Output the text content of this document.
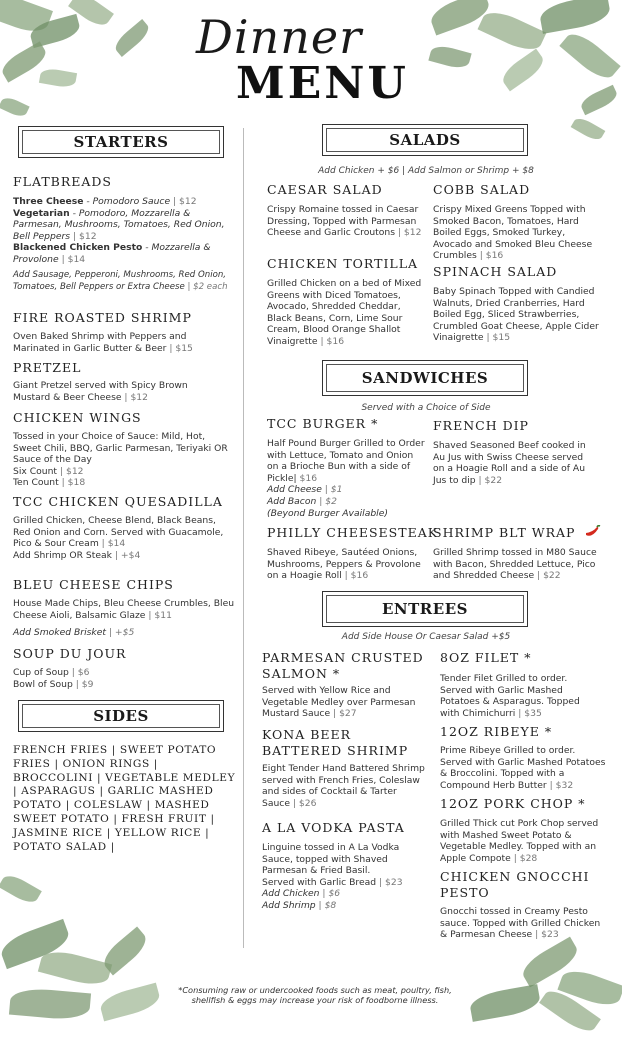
Dinner
MENU
STARTERS
FLATBREADS
Three Cheese - Pomodoro Sauce | $12
Vegetarian - Pomodoro, Mozzarella & Parmesan, Mushrooms, Tomatoes, Red Onion, Bell Peppers | $12
Blackened Chicken Pesto - Mozzarella & Provolone | $14
Add Sausage, Pepperoni, Mushrooms, Red Onion, Tomatoes, Bell Peppers or Extra Cheese | $2 each
FIRE ROASTED SHRIMP
Oven Baked Shrimp with Peppers and Marinated in Garlic Butter & Beer | $15
PRETZEL
Giant Pretzel served with Spicy Brown Mustard & Beer Cheese | $12
CHICKEN WINGS
Tossed in your Choice of Sauce: Mild, Hot, Sweet Chili, BBQ, Garlic Parmesan, Teriyaki OR Sauce of the Day
Six Count | $12
Ten Count | $18
TCC CHICKEN QUESADILLA
Grilled Chicken, Cheese Blend, Black Beans, Red Onion and Corn. Served with Guacamole, Pico & Sour Cream | $14
Add Shrimp OR Steak | +$4
BLEU CHEESE CHIPS
House Made Chips, Bleu Cheese Crumbles, Bleu Cheese Aioli, Balsamic Glaze | $11
Add Smoked Brisket | +$5
SOUP DU JOUR
Cup of Soup | $6
Bowl of Soup | $9
SIDES
FRENCH FRIES | SWEET POTATO FRIES | ONION RINGS | BROCCOLINI | VEGETABLE MEDLEY | ASPARAGUS | GARLIC MASHED POTATO | COLESLAW | MASHED SWEET POTATO | FRESH FRUIT | JASMINE RICE | YELLOW RICE | POTATO SALAD |
SALADS
Add Chicken + $6 | Add Salmon or Shrimp + $8
CAESAR SALAD
Crispy Romaine tossed in Caesar Dressing, Topped with Parmesan Cheese and Garlic Croutons | $12
CHICKEN TORTILLA
Grilled Chicken on a bed of Mixed Greens with Diced Tomatoes, Avocado, Shredded Cheddar, Black Beans, Corn, Lime Sour Cream, Blood Orange Shallot Vinaigrette | $16
COBB SALAD
Crispy Mixed Greens Topped with Smoked Bacon, Tomatoes, Hard Boiled Eggs, Smoked Turkey, Avocado and Smoked Bleu Cheese Crumbles | $16
SPINACH SALAD
Baby Spinach Topped with Candied Walnuts, Dried Cranberries, Hard Boiled Egg, Sliced Strawberries, Crumbled Goat Cheese, Apple Cider Vinaigrette | $15
SANDWICHES
Served with a Choice of Side
TCC BURGER *
Half Pound Burger Grilled to Order with Lettuce, Tomato and Onion on a Brioche Bun with a side of Pickle| $16
Add Cheese | $1
Add Bacon | $2
(Beyond Burger Available)
FRENCH DIP
Shaved Seasoned Beef cooked in Au Jus with Swiss Cheese served on a Hoagie Roll and a side of Au Jus to dip | $22
PHILLY CHEESESTEAK
Shaved Ribeye, Sautéed Onions, Mushrooms, Peppers & Provolone on a Hoagie Roll | $16
SHRIMP BLT WRAP
Grilled Shrimp tossed in M80 Sauce with Bacon, Shredded Lettuce, Pico and Shredded Cheese | $22
ENTREES
Add Side House Or Caesar Salad +$5
PARMESAN CRUSTED SALMON *
Served with Yellow Rice and Vegetable Medley over Parmesan Mustard Sauce | $27
KONA BEER BATTERED SHRIMP
Eight Tender Hand Battered Shrimp served with French Fries, Coleslaw and sides of Cocktail & Tarter Sauce | $26
A LA VODKA PASTA
Linguine tossed in A La Vodka Sauce, topped with Shaved Parmesan & Fried Basil.
Served with Garlic Bread | $23
Add Chicken | $6
Add Shrimp | $8
8OZ FILET *
Tender Filet Grilled to order. Served with Garlic Mashed Potatoes & Asparagus. Topped with Chimichurri | $35
12OZ RIBEYE *
Prime Ribeye Grilled to order. Served with Garlic Mashed Potatoes & Broccolini. Topped with a Compound Herb Butter | $32
12OZ PORK CHOP *
Grilled Thick cut Pork Chop served with Mashed Sweet Potato & Vegetable Medley. Topped with an Apple Compote | $28
CHICKEN GNOCCHI PESTO
Gnocchi tossed in Creamy Pesto sauce. Topped with Grilled Chicken & Parmesan Cheese | $23
*Consuming raw or undercooked foods such as meat, poultry, fish, shellfish & eggs may increase your risk of foodborne illness.
